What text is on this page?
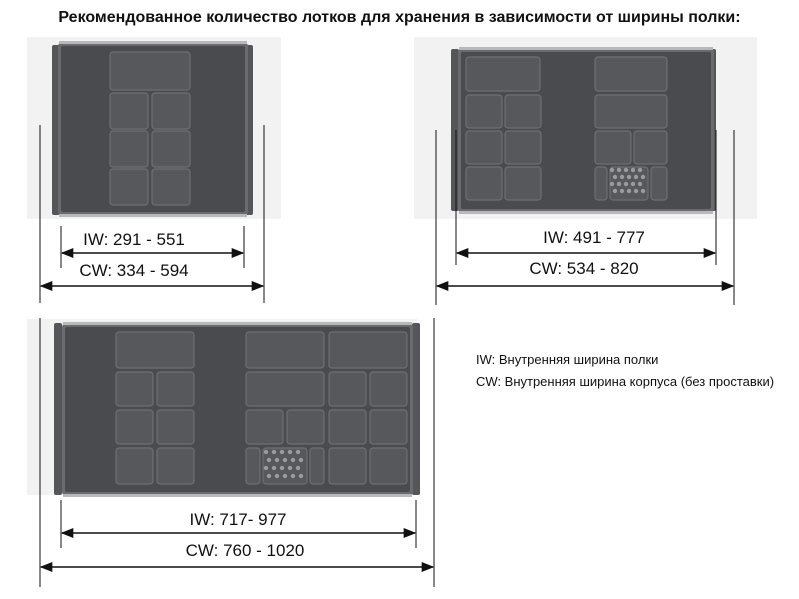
Рекомендованное количество лотков для хранения в зависимости от ширины полки:
IW: 291 - 551
CW: 334 - 594
IW: 491 - 777
CW: 534 - 820
IW: 717- 977
CW: 760 - 1020
IW: Внутренняя ширина полки
CW: Внутренняя ширина корпуса (без проставки)
